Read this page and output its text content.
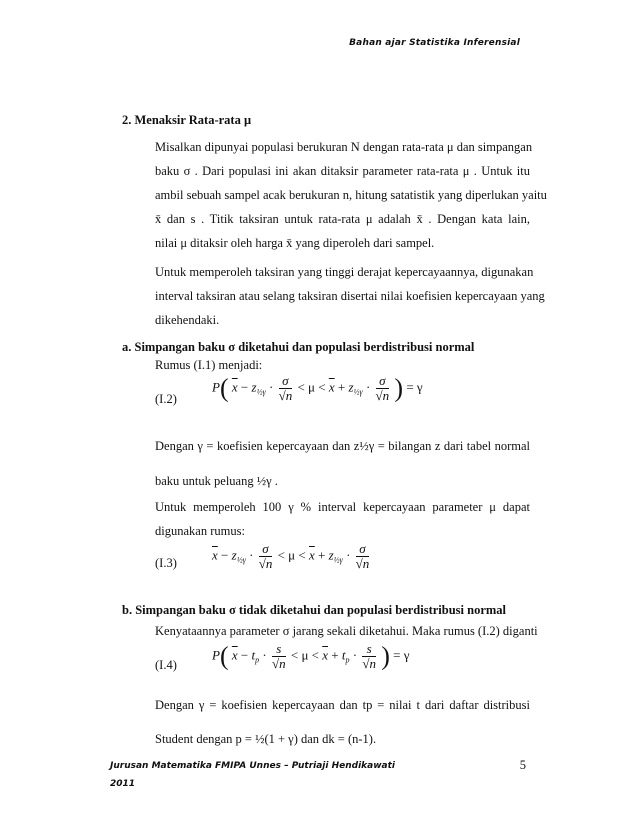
Bahan ajar Statistika Inferensial
2. Menaksir Rata-rata μ
Misalkan dipunyai populasi berukuran N dengan rata-rata μ dan simpangan
baku σ . Dari populasi ini akan ditaksir parameter rata-rata μ . Untuk itu
ambil sebuah sampel acak berukuran n, hitung satatistik yang diperlukan yaitu
x̄ dan s . Titik taksiran untuk rata-rata μ adalah x̄ . Dengan kata lain,
nilai μ ditaksir oleh harga x̄ yang diperoleh dari sampel.
Untuk memperoleh taksiran yang tinggi derajat kepercayaannya, digunakan
interval taksiran atau selang taksiran disertai nilai koefisien kepercayaan yang
dikehendaki.
a. Simpangan baku σ diketahui dan populasi berdistribusi normal
Rumus (I.1) menjadi:
(I.2)
P( $\overline{x} - z_{\frac{1}{2}\gamma} \cdot \frac{\sigma}{√n} < \mu < \overline{x} + z_{\frac{1}{2}\gamma} \cdot \frac{\sigma}{√n}$ ) = γ
Dengan γ = koefisien kepercayaan dan z½γ = bilangan z dari tabel normal
baku untuk peluang ½γ .
Untuk memperoleh 100 γ % interval kepercayaan parameter μ dapat
digunakan rumus:
(I.3)
$\overline{x} - z_{\frac{1}{2}\gamma} \cdot \frac{\sigma}{√n} < \mu < \overline{x} + z_{\frac{1}{2}\gamma} \cdot \frac{\sigma}{√n}$
b. Simpangan baku σ tidak diketahui dan populasi berdistribusi normal
Kenyataannya parameter σ jarang sekali diketahui. Maka rumus (I.2) diganti
(I.4)
P( $\overline{x} - t_p \cdot \frac{s}{√n} < \mu < \overline{x} + t_p \cdot \frac{s}{√n}$ ) = γ
Dengan γ = koefisien kepercayaan dan tp = nilai t dari daftar distribusi
Student dengan p = ½(1 + γ) dan dk = (n-1).
Jurusan Matematika FMIPA Unnes – Putriaji Hendikawati
2011
5
